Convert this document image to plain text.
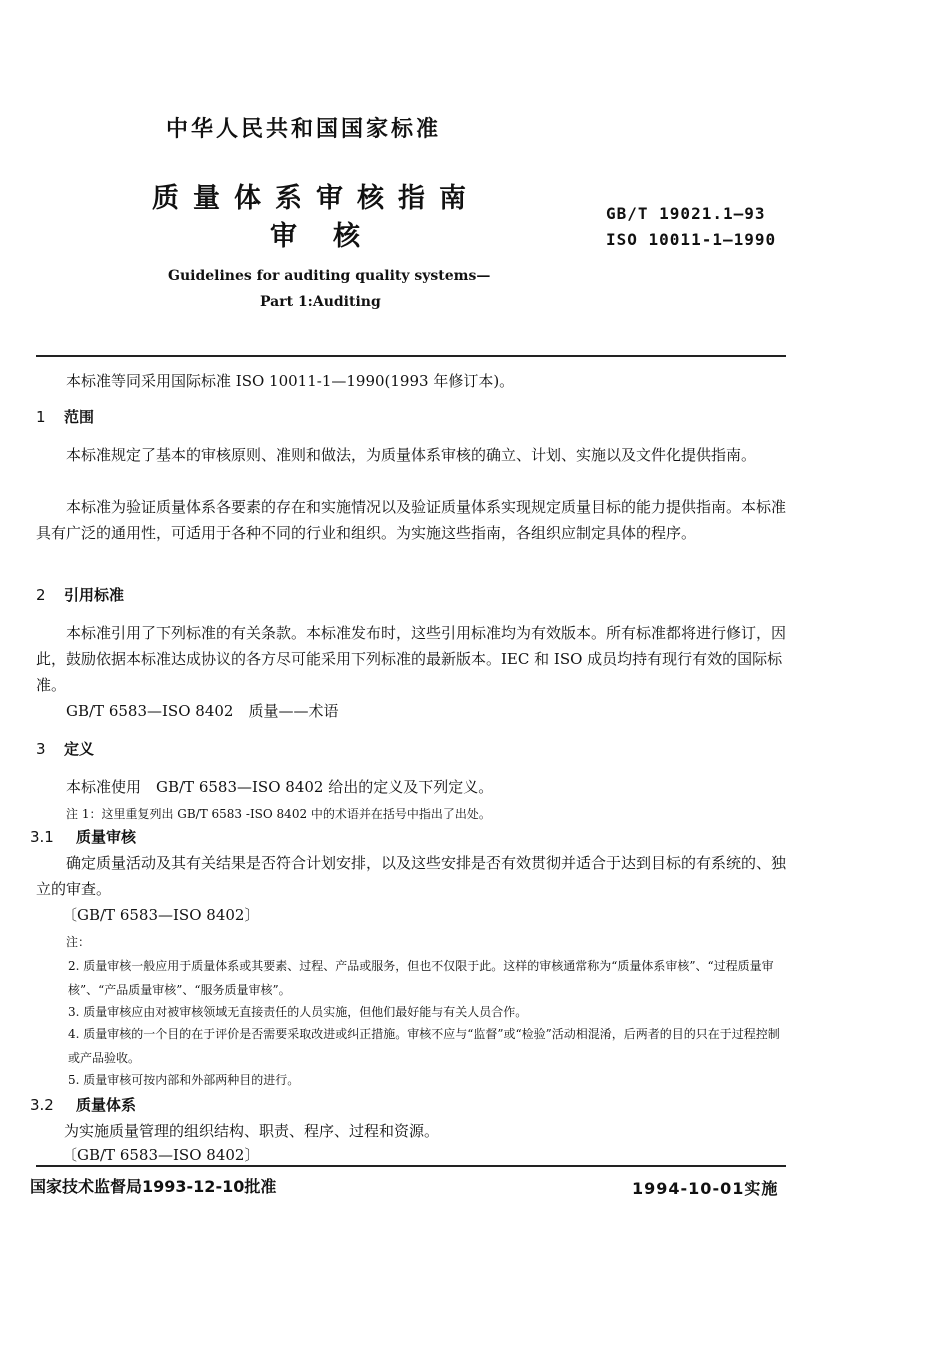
中华人民共和国国家标准
质量体系审核指南
审核
GB/T 19021.1—93
ISO 10011-1—1990
Guidelines for auditing quality systems—
Part 1:Auditing
本标准等同采用国际标准 ISO 10011-1—1990(1993 年修订本)。
1 范围
本标准规定了基本的审核原则、准则和做法，为质量体系审核的确立、计划、实施以及文件化提供指南。
本标准为验证质量体系各要素的存在和实施情况以及验证质量体系实现规定质量目标的能力提供指南。本标准具有广泛的通用性，可适用于各种不同的行业和组织。为实施这些指南，各组织应制定具体的程序。
2 引用标准
本标准引用了下列标准的有关条款。本标准发布时，这些引用标准均为有效版本。所有标准都将进行修订，因此，鼓励依据本标准达成协议的各方尽可能采用下列标准的最新版本。IEC 和 ISO 成员均持有现行有效的国际标准。
GB/T 6583—ISO 8402　质量——术语
3 定义
本标准使用　GB/T 6583—ISO 8402 给出的定义及下列定义。
注 1：这里重复列出 GB/T 6583 -ISO 8402 中的术语并在括号中指出了出处。
3.1 质量审核
确定质量活动及其有关结果是否符合计划安排，以及这些安排是否有效贯彻并适合于达到目标的有系统的、独立的审查。
〔GB/T 6583—ISO 8402〕
注：
2. 质量审核一般应用于质量体系或其要素、过程、产品或服务，但也不仅限于此。这样的审核通常称为“质量体系审核”、“过程质量审核”、“产品质量审核”、“服务质量审核”。
3. 质量审核应由对被审核领域无直接责任的人员实施，但他们最好能与有关人员合作。
4. 质量审核的一个目的在于评价是否需要采取改进或纠正措施。审核不应与“监督”或“检验”活动相混淆，后两者的目的只在于过程控制或产品验收。
5. 质量审核可按内部和外部两种目的进行。
3.2 质量体系
为实施质量管理的组织结构、职责、程序、过程和资源。
〔GB/T 6583—ISO 8402〕
国家技术监督局1993-12-10批准	1994-10-01实施
